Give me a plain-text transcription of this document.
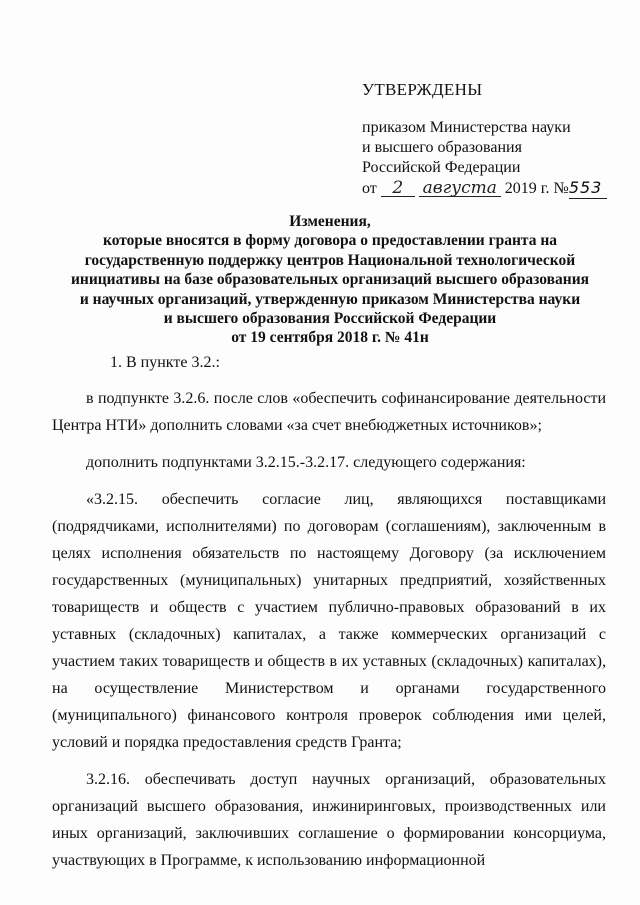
УТВЕРЖДЕНЫ
приказом Министерства науки
и высшего образования
Российской Федерации
от 2 августа 2019 г. №553
Изменения,
которые вносятся в форму договора о предоставлении гранта на
государственную поддержку центров Национальной технологической
инициативы на базе образовательных организаций высшего образования
и научных организаций, утвержденную приказом Министерства науки
и высшего образования Российской Федерации
от 19 сентября 2018 г. № 41н

1. В пункте 3.2.:

в подпункте 3.2.6. после слов «обеспечить софинансирование деятельности Центра НТИ» дополнить словами «за счет внебюджетных источников»;

дополнить подпунктами 3.2.15.-3.2.17. следующего содержания:

«3.2.15. обеспечить согласие лиц, являющихся поставщиками (подрядчиками, исполнителями) по договорам (соглашениям), заключенным в целях исполнения обязательств по настоящему Договору (за исключением государственных (муниципальных) унитарных предприятий, хозяйственных товариществ и обществ с участием публично-правовых образований в их уставных (складочных) капиталах, а также коммерческих организаций с участием таких товариществ и обществ в их уставных (складочных) капиталах), на осуществление Министерством и органами государственного (муниципального) финансового контроля проверок соблюдения ими целей, условий и порядка предоставления средств Гранта;

3.2.16. обеспечивать доступ научных организаций, образовательных организаций высшего образования, инжиниринговых, производственных или иных организаций, заключивших соглашение о формировании консорциума, участвующих в Программе, к использованию информационной
